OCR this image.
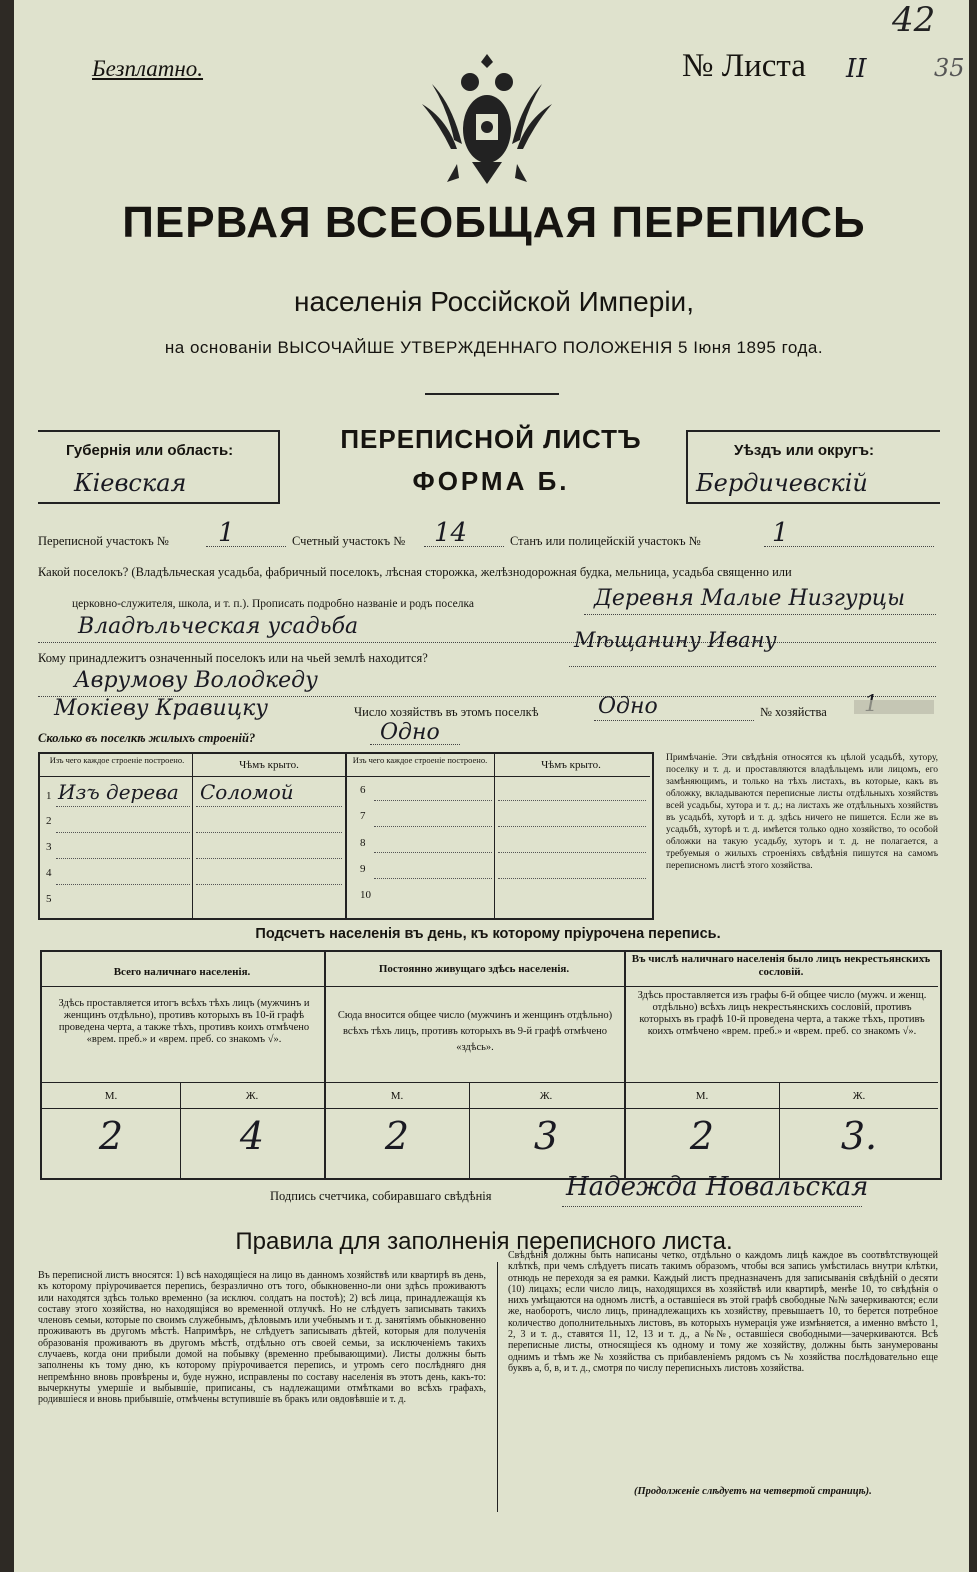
Безплатно.	№ Листа II
42
35
ПЕРВАЯ ВСЕОБЩАЯ ПЕРЕПИСЬ
населенія Россійской Имперіи,
на основаніи ВЫСОЧАЙШЕ УТВЕРЖДЕННАГО ПОЛОЖЕНІЯ 5 Іюня 1895 года.
Губернія или область:
Кіевская
ПЕРЕПИСНОЙ ЛИСТЪ
ФОРМА Б.
Уѣздъ или округъ:
Бердичевскій
Переписной участокъ № 1	Счетный участокъ № 14	Станъ или полицейскій участокъ №	1
Какой поселокъ? (Владѣльческая усадьба, фабричный поселокъ, лѣсная сторожка, желѣзнодорожная будка, мельница, усадьба священно или
церковно-служителя, школа, и т. п.). Прописать подробно названіе и родъ поселка	Деревня Малые Низгурцы
Владѣльческая усадьба
Кому принадлежитъ означенный поселокъ или на чьей землѣ находится?
Мѣщанину Ивану
Аврумову Володкеду
Мокіеву Кравицку	Число хозяйствъ въ этомъ поселкѣ	Одно	№ хозяйства
Сколько въ поселкѣ жилыхъ строеній?	Одно
Изъ чего каждое строеніе построено.	Чѣмъ крыто.	Изъ чего каждое строеніе построено.	Чѣмъ крыто.
1 Изъ дерева Соломой
2
3
4
5
6
7
8
9
10
Примѣчаніе. Эти свѣдѣнія относятся къ цѣлой усадьбѣ, хутору, поселку и т. д. и проставляются владѣльцемъ или лицомъ, его замѣняющимъ, и только на тѣхъ листахъ, въ которые, какъ въ обложку, вкладываются переписные листы отдѣльныхъ хозяйствъ всей усадьбы, хутора и т. д.; на листахъ же отдѣльныхъ хозяйствъ въ усадьбѣ, хуторѣ и т. д. здѣсь ничего не пишется. Если же въ усадьбѣ, хуторѣ и т. д. имѣется только одно хозяйство, то особой обложки на такую усадьбу, хуторъ и т. д. не полагается, а требуемыя о жилыхъ строеніяхъ свѣдѣнія пишутся на самомъ переписномъ листѣ этого хозяйства.
Подсчетъ населенія въ день, къ которому пріурочена перепись.
Всего наличнаго населенія.	Постоянно живущаго здѣсь населенія.
Въ числѣ наличнаго населенія было лицъ некрестьянскихъ сословій.
Здѣсь проставляется итогъ всѣхъ тѣхъ лицъ (мужчинъ и женщинъ отдѣльно), противъ которыхъ въ 10-й графѣ проведена черта, а также тѣхъ, противъ коихъ отмѣчено «врем. преб.» и «врем. преб. со знакомъ √».
Сюда вносится общее число (мужчинъ и женщинъ отдѣльно) всѣхъ тѣхъ лицъ, противъ которыхъ въ 9-й графѣ отмѣчено «здѣсь».
Здѣсь проставляется изъ графы 6-й общее число (мужч. и женщ. отдѣльно) всѣхъ лицъ некрестьянскихъ сословій, противъ которыхъ въ графѣ 10-й проведена черта, а также тѣхъ, противъ коихъ отмѣчено «врем. преб.» и «врем. преб. со знакомъ √».
М.	Ж.	М.	Ж.	М.	Ж.
2	4	2	3	2	3.
Подпись счетчика, собиравшаго свѣдѣнія	Надежда Новальская
Правила для заполненія переписного листа.
Въ переписной листъ вносятся: 1) всѣ находящіеся на лицо въ данномъ хозяйствѣ или квартирѣ въ день, къ которому пріурочивается перепись, безразлично отъ того, обыкновенно-ли они здѣсь проживаютъ или находятся здѣсь только временно (за исключ. солдатъ на постоѣ); 2) всѣ лица, принадлежащія къ составу этого хозяйства, но находящіяся во временной отлучкѣ. Но не слѣдуетъ записывать такихъ членовъ семьи, которые по своимъ служебнымъ, дѣловымъ или учебнымъ и т. д. занятіямъ обыкновенно проживаютъ въ другомъ мѣстѣ. Напримѣръ, не слѣдуетъ записывать дѣтей, которыя для полученія образованія проживаютъ въ другомъ мѣстѣ, отдѣльно отъ своей семьи, за исключеніемъ такихъ случаевъ, когда они прибыли домой на побывку (временно пребывающими). Листы должны быть заполнены къ тому дню, къ которому пріурочивается перепись, и утромъ сего послѣдняго дня непремѣнно вновь провѣрены и, буде нужно, исправлены по составу населенія въ этотъ день, какъ-то: вычеркнуты умершіе и выбывшіе, приписаны, съ надлежащими отмѣтками во всѣхъ графахъ, родившіеся и вновь прибывшіе, отмѣчены вступившіе въ бракъ или овдовѣвшіе и т. д.
Свѣдѣнія должны быть написаны четко, отдѣльно о каждомъ лицѣ каждое въ соотвѣтствующей клѣткѣ, при чемъ слѣдуетъ писать такимъ образомъ, чтобы вся запись умѣстилась внутри клѣтки, отнюдь не переходя за ея рамки. Каждый листъ предназначенъ для записыванія свѣдѣній о десяти (10) лицахъ; если число лицъ, находящихся въ хозяйствѣ или квартирѣ, менѣе 10, то свѣдѣнія о нихъ умѣщаются на одномъ листѣ, а оставшіеся въ этой графѣ свободные №№ зачеркиваются; если же, наоборотъ, число лицъ, принадлежащихъ къ хозяйству, превышаетъ 10, то берется потребное количество дополнительныхъ листовъ, въ которыхъ нумерація уже измѣняется, а именно вмѣсто 1, 2, 3 и т. д., ставятся 11, 12, 13 и т. д., а №№, оставшіеся свободными—зачеркиваются. Всѣ переписные листы, относящіеся къ одному и тому же хозяйству, должны быть занумерованы однимъ и тѣмъ же № хозяйства съ прибавленіемъ рядомъ съ № хозяйства послѣдовательно еще буквъ а, б, в, и т. д., смотря по числу переписныхъ листовъ хозяйства.
(Продолженіе слѣдуетъ на четвертой страницѣ).
